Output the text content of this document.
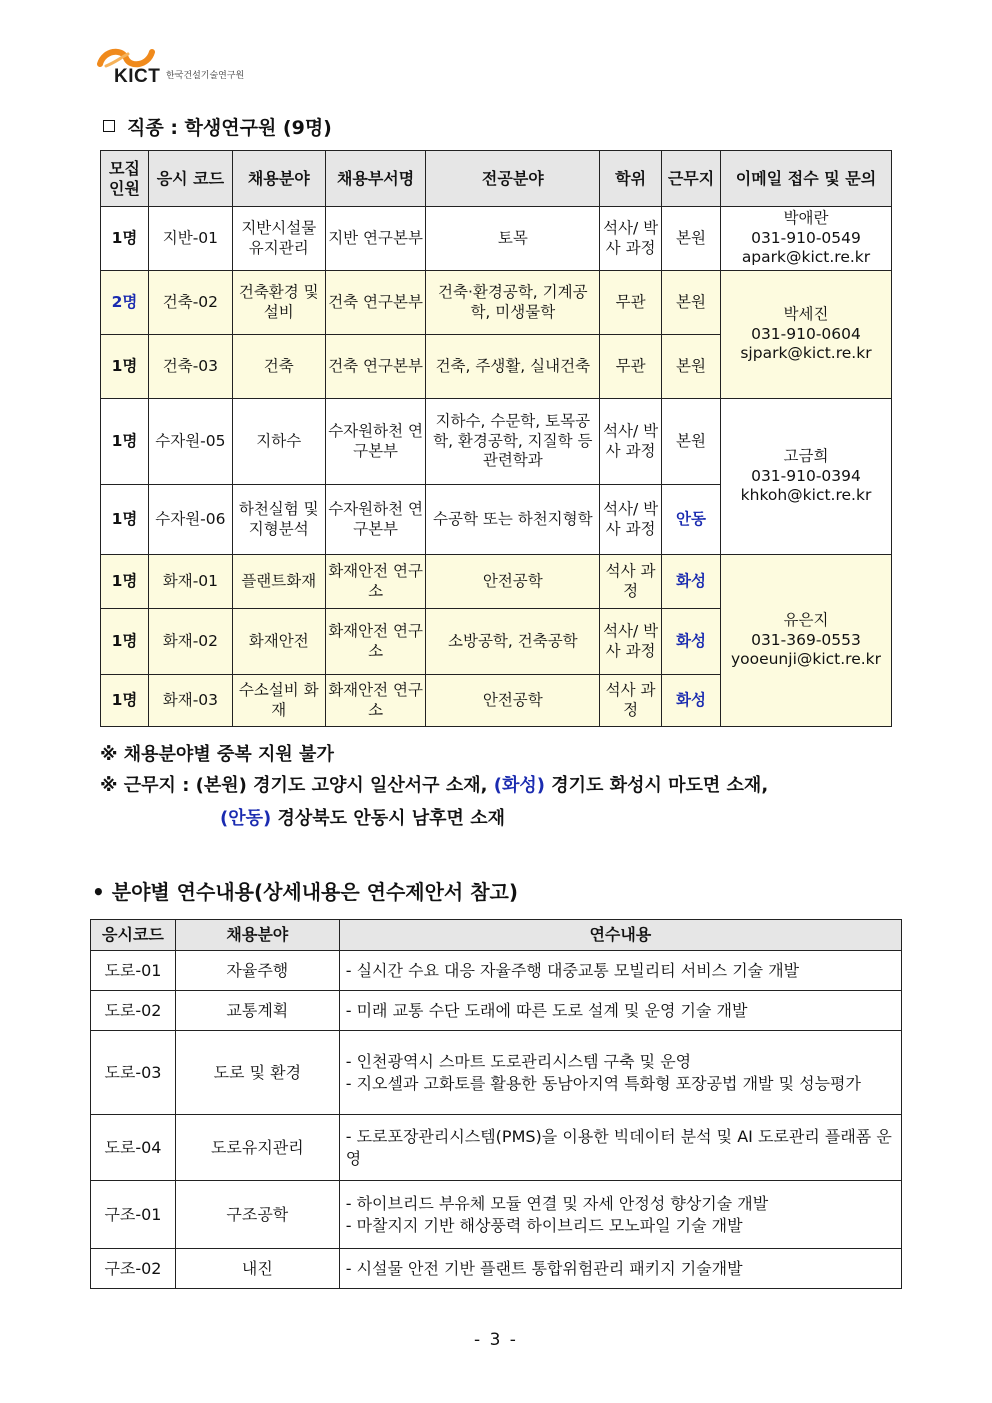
KICT 한국건설기술연구원
직종 : 학생연구원 (9명)
모집 인원	응시 코드	채용분야	채용부서명	전공분야	학위	근무지	이메일 접수 및 문의
1명	지반-01	지반시설물 유지관리	지반 연구본부	토목	석사/ 박사 과정	본원	박애란
031-910-0549
apark@kict.re.kr

2명	건축-02	건축환경 및 설비	건축 연구본부	건축·환경공학, 기계공학, 미생물학	무관	본원	박세진
031-910-0604
sjpark@kict.re.kr

1명	건축-03	건축	건축 연구본부	건축, 주생활, 실내건축	무관	본원	
1명	수자원-05	지하수	수자원하천 연구본부	지하수, 수문학, 토목공학, 환경공학, 지질학 등 관련학과	석사/ 박사 과정	본원	고금희
031-910-0394
khkoh@kict.re.kr

1명	수자원-06	하천실험 및 지형분석	수자원하천 연구본부	수공학 또는 하천지형학	석사/ 박사 과정	안동	
1명	화재-01	플랜트화재	화재안전 연구소	안전공학	석사 과정	화성	유은지
031-369-0553
yooeunji@kict.re.kr

1명	화재-02	화재안전	화재안전 연구소	소방공학, 건축공학	석사/ 박사 과정	화성	
1명	화재-03	수소설비 화재	화재안전 연구소	안전공학	석사 과정	화성	
※ 채용분야별 중복 지원 불가
※ 근무지 : (본원) 경기도 고양시 일산서구 소재, (화성) 경기도 화성시 마도면 소재,
(안동) 경상북도 안동시 남후면 소재
• 분야별 연수내용(상세내용은 연수제안서 참고)
응시코드	채용분야	연수내용
도로-01	자율주행	- 실시간 수요 대응 자율주행 대중교통 모빌리티 서비스 기술 개발

도로-02	교통계획	- 미래 교통 수단 도래에 따른 도로 설계 및 운영 기술 개발

도로-03	도로 및 환경	- 인천광역시 스마트 도로관리시스템 구축 및 운영
- 지오셀과 고화토를 활용한 동남아지역 특화형 포장공법 개발 및 성능평가

도로-04	도로유지관리	- 도로포장관리시스템(PMS)을 이용한 빅데이터 분석 및 AI 도로관리 플래폼 운영

구조-01	구조공학	- 하이브리드 부유체 모듈 연결 및 자세 안정성 향상기술 개발
- 마찰지지 기반 해상풍력 하이브리드 모노파일 기술 개발

구조-02	내진	- 시설물 안전 기반 플랜트 통합위험관리 패키지 기술개발
- 3 -
